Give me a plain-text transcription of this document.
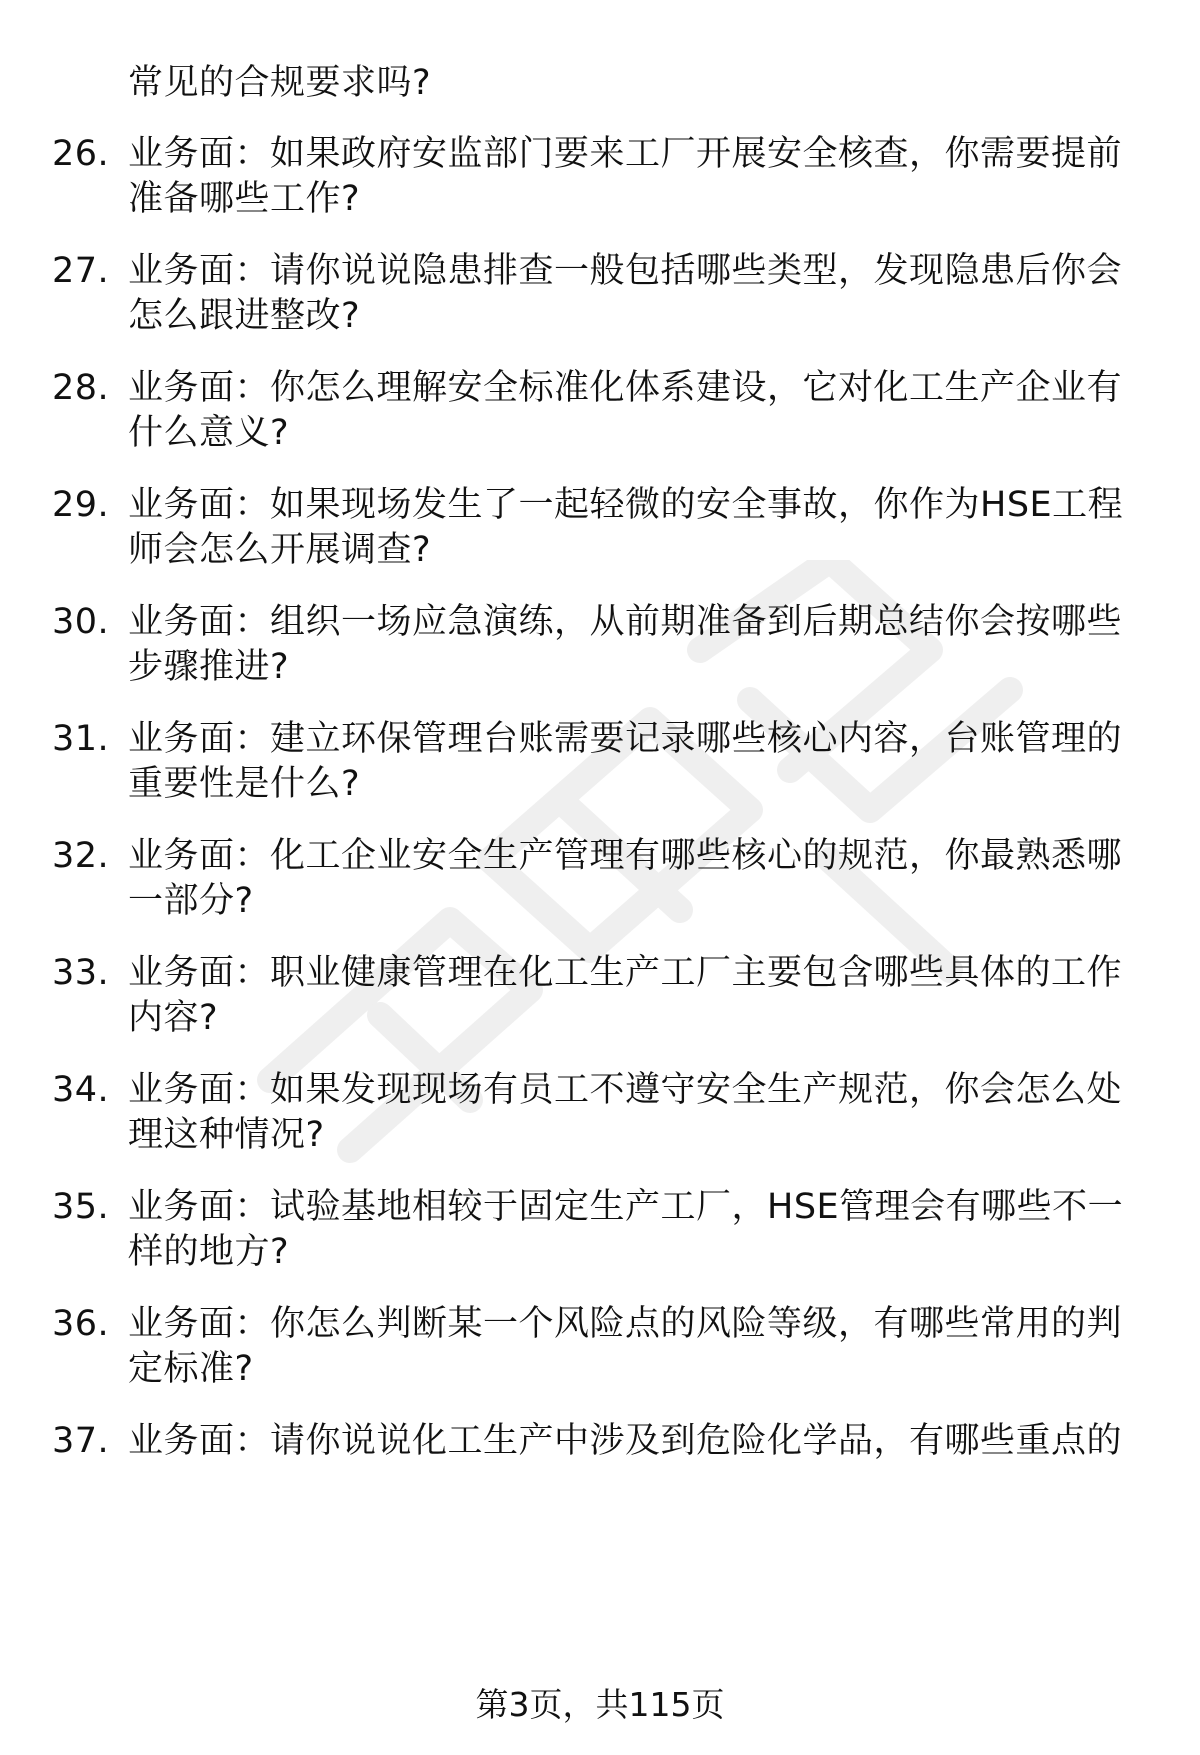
常见的合规要求吗?
26. 业务面：如果政府安监部门要来工厂开展安全核查，你需要提前
准备哪些工作?
27. 业务面：请你说说隐患排查一般包括哪些类型，发现隐患后你会
怎么跟进整改?
28. 业务面：你怎么理解安全标准化体系建设，它对化工生产企业有
什么意义?
29. 业务面：如果现场发生了一起轻微的安全事故，你作为HSE工程
师会怎么开展调查?
30. 业务面：组织一场应急演练，从前期准备到后期总结你会按哪些
步骤推进?
31. 业务面：建立环保管理台账需要记录哪些核心内容，台账管理的
重要性是什么?
32. 业务面：化工企业安全生产管理有哪些核心的规范，你最熟悉哪
一部分?
33. 业务面：职业健康管理在化工生产工厂主要包含哪些具体的工作
内容?
34. 业务面：如果发现现场有员工不遵守安全生产规范，你会怎么处
理这种情况?
35. 业务面：试验基地相较于固定生产工厂，HSE管理会有哪些不一
样的地方?
36. 业务面：你怎么判断某一个风险点的风险等级，有哪些常用的判
定标准?
37. 业务面：请你说说化工生产中涉及到危险化学品，有哪些重点的
第3页，共115页
